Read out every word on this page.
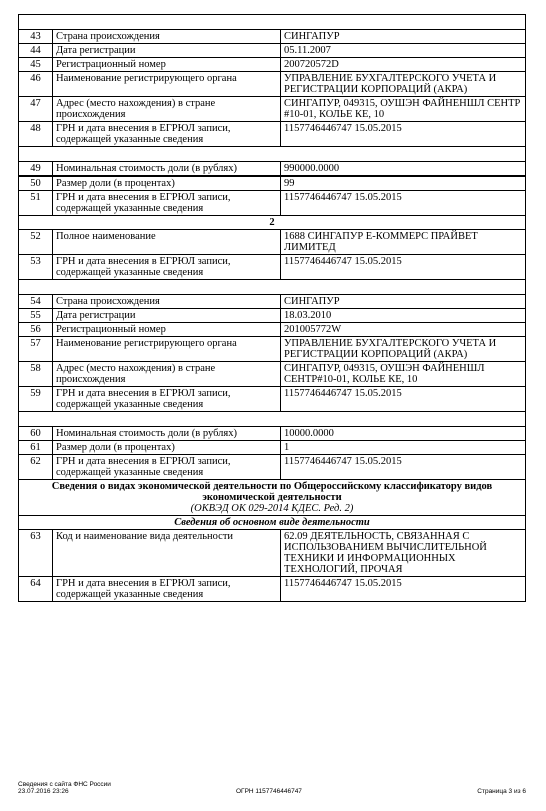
43	Страна происхождения	СИНГАПУР
44	Дата регистрации	05.11.2007
45	Регистрационный номер	200720572D
46	Наименование регистрирующего органа	УПРАВЛЕНИЕ БУХГАЛТЕРСКОГО УЧЕТА И РЕГИСТРАЦИИ КОРПОРАЦИЙ (АКРА)
47	Адрес (место нахождения) в стране происхождения	СИНГАПУР, 049315, ОУШЭН ФАЙНЕНШЛ СЕНТР #10-01, КОЛЬЕ КЕ, 10
48	ГРН и дата внесения в ЕГРЮЛ записи, содержащей указанные сведения	1157746446747 15.05.2015

49	Номинальная стоимость доли (в рублях)	990000.0000
50	Размер доли (в процентах)	99
51	ГРН и дата внесения в ЕГРЮЛ записи, содержащей указанные сведения	1157746446747 15.05.2015
2		
52	Полное наименование	1688 СИНГАПУР Е-КОММЕРС ПРАЙВЕТ ЛИМИТЕД
53	ГРН и дата внесения в ЕГРЮЛ записи, содержащей указанные сведения	1157746446747 15.05.2015

54	Страна происхождения	СИНГАПУР
55	Дата регистрации	18.03.2010
56	Регистрационный номер	201005772W
57	Наименование регистрирующего органа	УПРАВЛЕНИЕ БУХГАЛТЕРСКОГО УЧЕТА И РЕГИСТРАЦИИ КОРПОРАЦИЙ (АКРА)
58	Адрес (место нахождения) в стране происхождения	СИНГАПУР, 049315, ОУШЭН ФАЙНЕНШЛ СЕНТР#10-01, КОЛЬЕ КЕ, 10
59	ГРН и дата внесения в ЕГРЮЛ записи, содержащей указанные сведения	1157746446747 15.05.2015

60	Номинальная стоимость доли (в рублях)	10000.0000
61	Размер доли (в процентах)	1
62	ГРН и дата внесения в ЕГРЮЛ записи, содержащей указанные сведения	1157746446747 15.05.2015

Сведения о видах экономической деятельности по Общероссийскому классификатору видов экономической деятельности
(ОКВЭД ОК 029-2014 КДЕС. Ред. 2)		

Сведения об основном виде деятельности		
63	Код и наименование вида деятельности	62.09 ДЕЯТЕЛЬНОСТЬ, СВЯЗАННАЯ С ИСПОЛЬЗОВАНИЕМ ВЫЧИСЛИТЕЛЬНОЙ ТЕХНИКИ И ИНФОРМАЦИОННЫХ ТЕХНОЛОГИЙ, ПРОЧАЯ
64	ГРН и дата внесения в ЕГРЮЛ записи, содержащей указанные сведения	1157746446747 15.05.2015
Сведения с сайта ФНС России
23.07.2016 23:26	ОГРН 1157746446747	Страница 3 из 6
